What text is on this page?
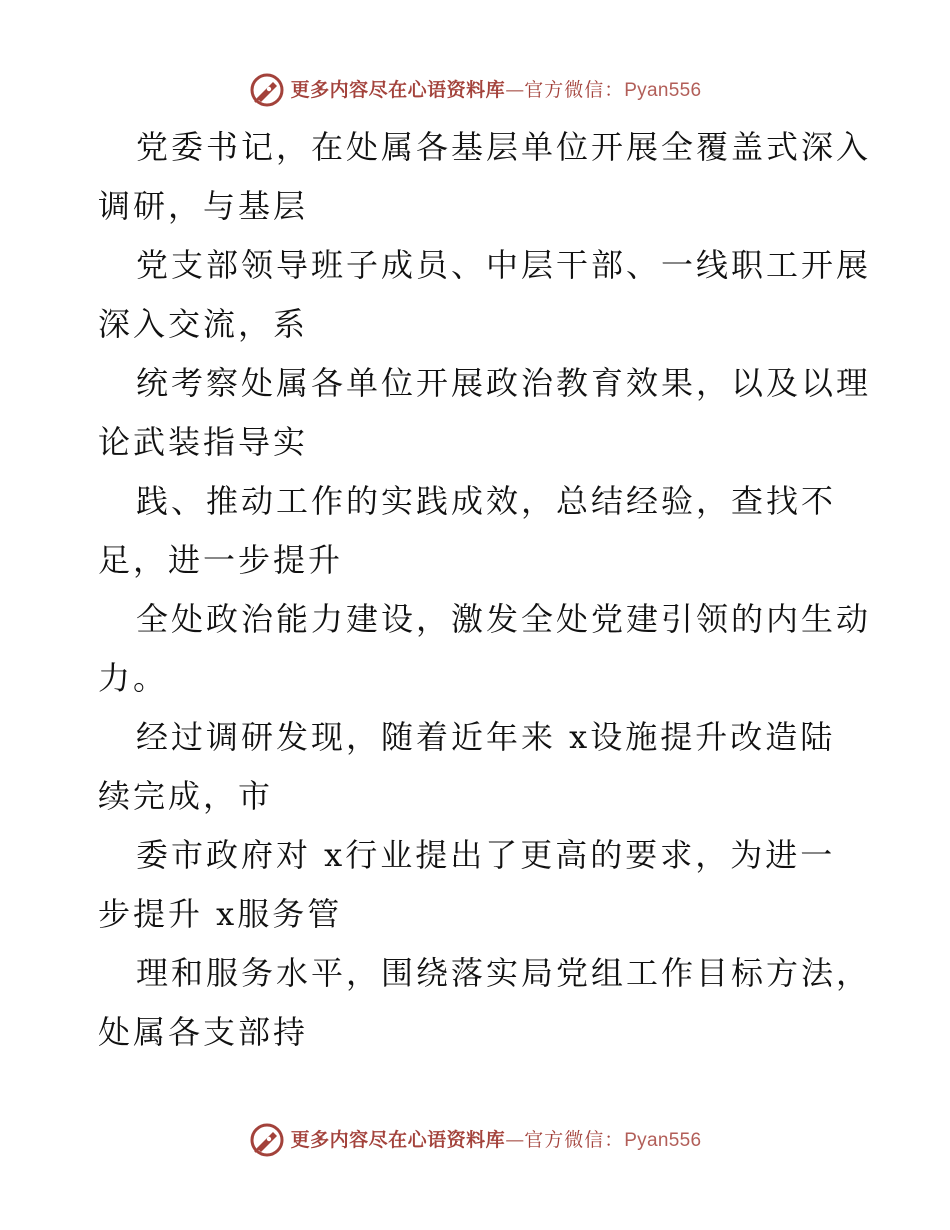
更多内容尽在心语资料库 — 官方微信： Pyan556
党委书记，在处属各基层单位开展全覆盖式深入
调研，与基层
党支部领导班子成员、中层干部、一线职工开展
深入交流，系
统考察处属各单位开展政治教育效果，以及以理
论武装指导实
践、推动工作的实践成效，总结经验，查找不
足，进一步提升
全处政治能力建设，激发全处党建引领的内生动
力。
经过调研发现，随着近年来 x设施提升改造陆
续完成，市
委市政府对 x行业提出了更高的要求，为进一
步提升 x服务管
理和服务水平，围绕落实局党组工作目标方法，
处属各支部持
更多内容尽在心语资料库 — 官方微信： Pyan556
